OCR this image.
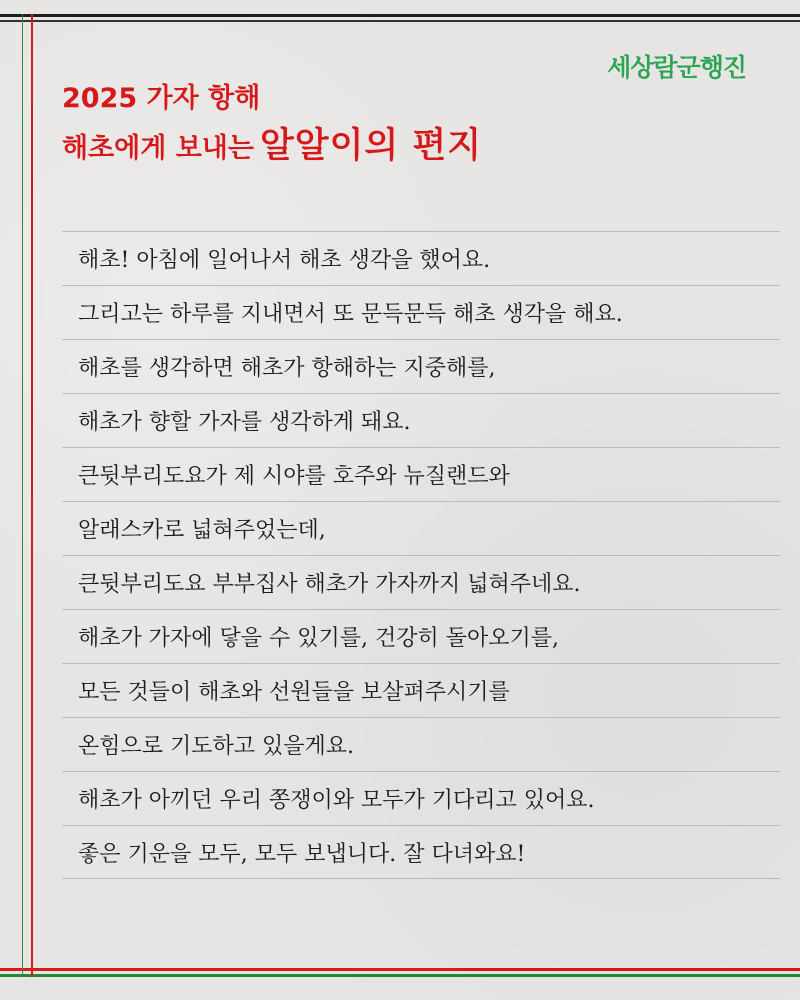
세상람군행진
2025 가자 항해
해초에게 보내는 알알이의 편지
해초! 아침에 일어나서 해초 생각을 했어요.
그리고는 하루를 지내면서 또 문득문득 해초 생각을 해요.
해초를 생각하면 해초가 항해하는 지중해를,
해초가 향할 가자를 생각하게 돼요.
큰뒷부리도요가 제 시야를 호주와 뉴질랜드와
알래스카로 넓혀주었는데,
큰뒷부리도요 부부집사 해초가 가자까지 넓혀주네요.
해초가 가자에 닿을 수 있기를, 건강히 돌아오기를,
모든 것들이 해초와 선원들을 보살펴주시기를
온힘으로 기도하고 있을게요.
해초가 아끼던 우리 쫑쟁이와 모두가 기다리고 있어요.
좋은 기운을 모두, 모두 보냅니다. 잘 다녀와요!
